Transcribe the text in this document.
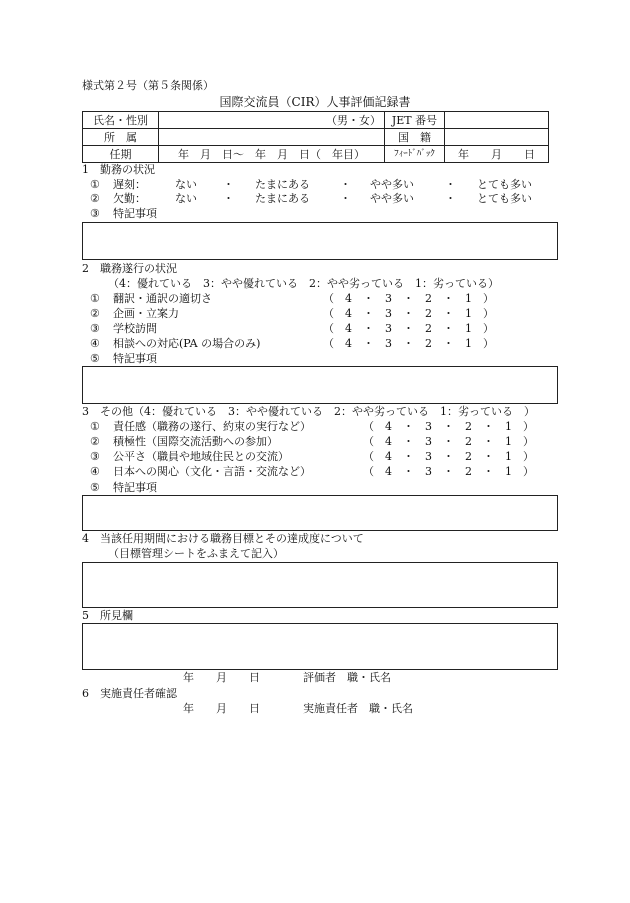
様式第２号（第５条関係）
国際交流員（CIR）人事評価記録書
氏名・性別	（男・女）	JET 番号	
所　属		国　籍	
任期	年　月　日～　年　月　日（　年目）	ﾌｨｰﾄﾞﾊﾞｯｸ	年　　月　　日
1　勤務の状況
① 遅刻：	ない ・ たまにある	・ やや多い	・ とても多い
② 欠勤：	ない ・ たまにある	・ やや多い	・ とても多い
③ 特記事項
2　職務遂行の状況
（4：優れている　3：やや優れている　2：やや劣っている　1：劣っている）
① 翻訳・通訳の適切さ	（　4　・　3　・　2　・　1　）
② 企画・立案力	（　4　・　3　・　2　・　1　）
③ 学校訪問	（　4　・　3　・　2　・　1　）
④ 相談への対応(PA の場合のみ)	（　4　・　3　・　2　・　1　）
⑤ 特記事項
3　その他（4：優れている　3：やや優れている　2：やや劣っている　1：劣っている　）
① 責任感（職務の遂行、約束の実行など）	（　4　・　3　・　2　・　1　）
② 積極性（国際交流活動への参加）	（　4　・　3　・　2　・　1　）
③ 公平さ（職員や地域住民との交流）	（　4　・　3　・　2　・　1　）
④ 日本への関心（文化・言語・交流など）	（　4　・　3　・　2　・　1　）
⑤ 特記事項
4　当該任用期間における職務目標とその達成度について
（目標管理シートをふまえて記入）
5　所見欄
年　　月　　日	評価者　職・氏名
6　実施責任者確認
年　　月　　日	実施責任者　職・氏名
